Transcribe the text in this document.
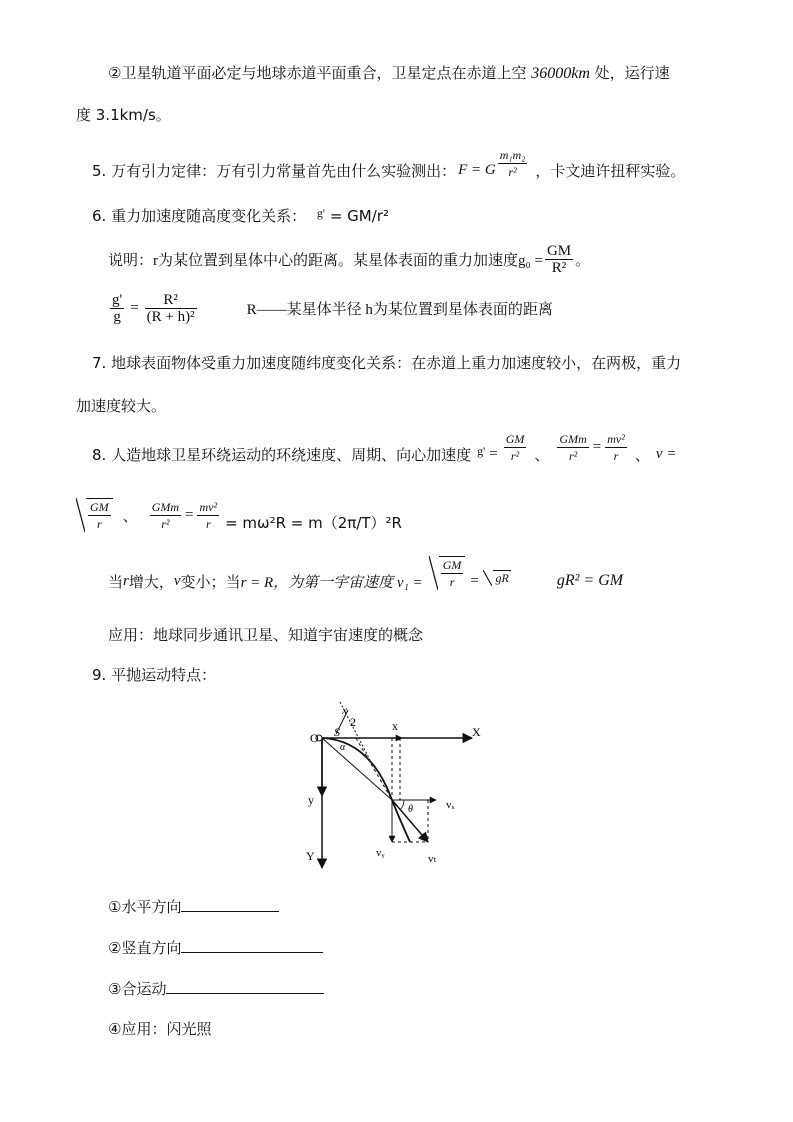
②卫星轨道平面必定与地球赤道平面重合，卫星定点在赤道上空 36000km 处，运行速
度 3.1km/s。
5. 万有引力定律：万有引力常量首先由什么实验测出： F = G $\frac{\text{m₁m₂}}{\text{r²}}$ ，卡文迪许扭秤实验。
6. 重力加速度随高度变化关系： $^{g'}$ = GM/r²
说明：r为某位置到星体中心的距离。某星体表面的重力加速度$g_0 = \frac{GM}{\text{R²}}$ 。
$\frac{g'}{g} = \frac{\text{R²}}{\text{(R + h)²}}$	R——某星体半径 h为某位置到星体表面的距离
7. 地球表面物体受重力加速度随纬度变化关系：在赤道上重力加速度较小，在两极，重力
加速度较大。
8. 人造地球卫星环绕运动的环绕速度、周期、向心加速度 $g' = \frac{GM}{\text{r²}}$ 、 $\frac{\text{GMm}}{\text{r²}} = \frac{\text{mv²}}{r}$ 、 v =
$\frac{GM}{r}$ 、 $\frac{\text{GMm}}{\text{r²}} = \frac{\text{mv²}}{r} = m\omega^2R = m(2\pi/T)^2R$
当 r 增大， v 变小；当 r = R，为第一宇宙速度 $v_1 = \frac{GM}{r}$ =	gR	gR² = GM
应用：地球同步通讯卫星、知道宇宙速度的概念
9. 平抛运动特点：
O
x	X
y
Y
x
2
S
α
θ	vₓ
vᵧ	vₜ
①水平方向
②竖直方向
③合运动
④应用：闪光照
